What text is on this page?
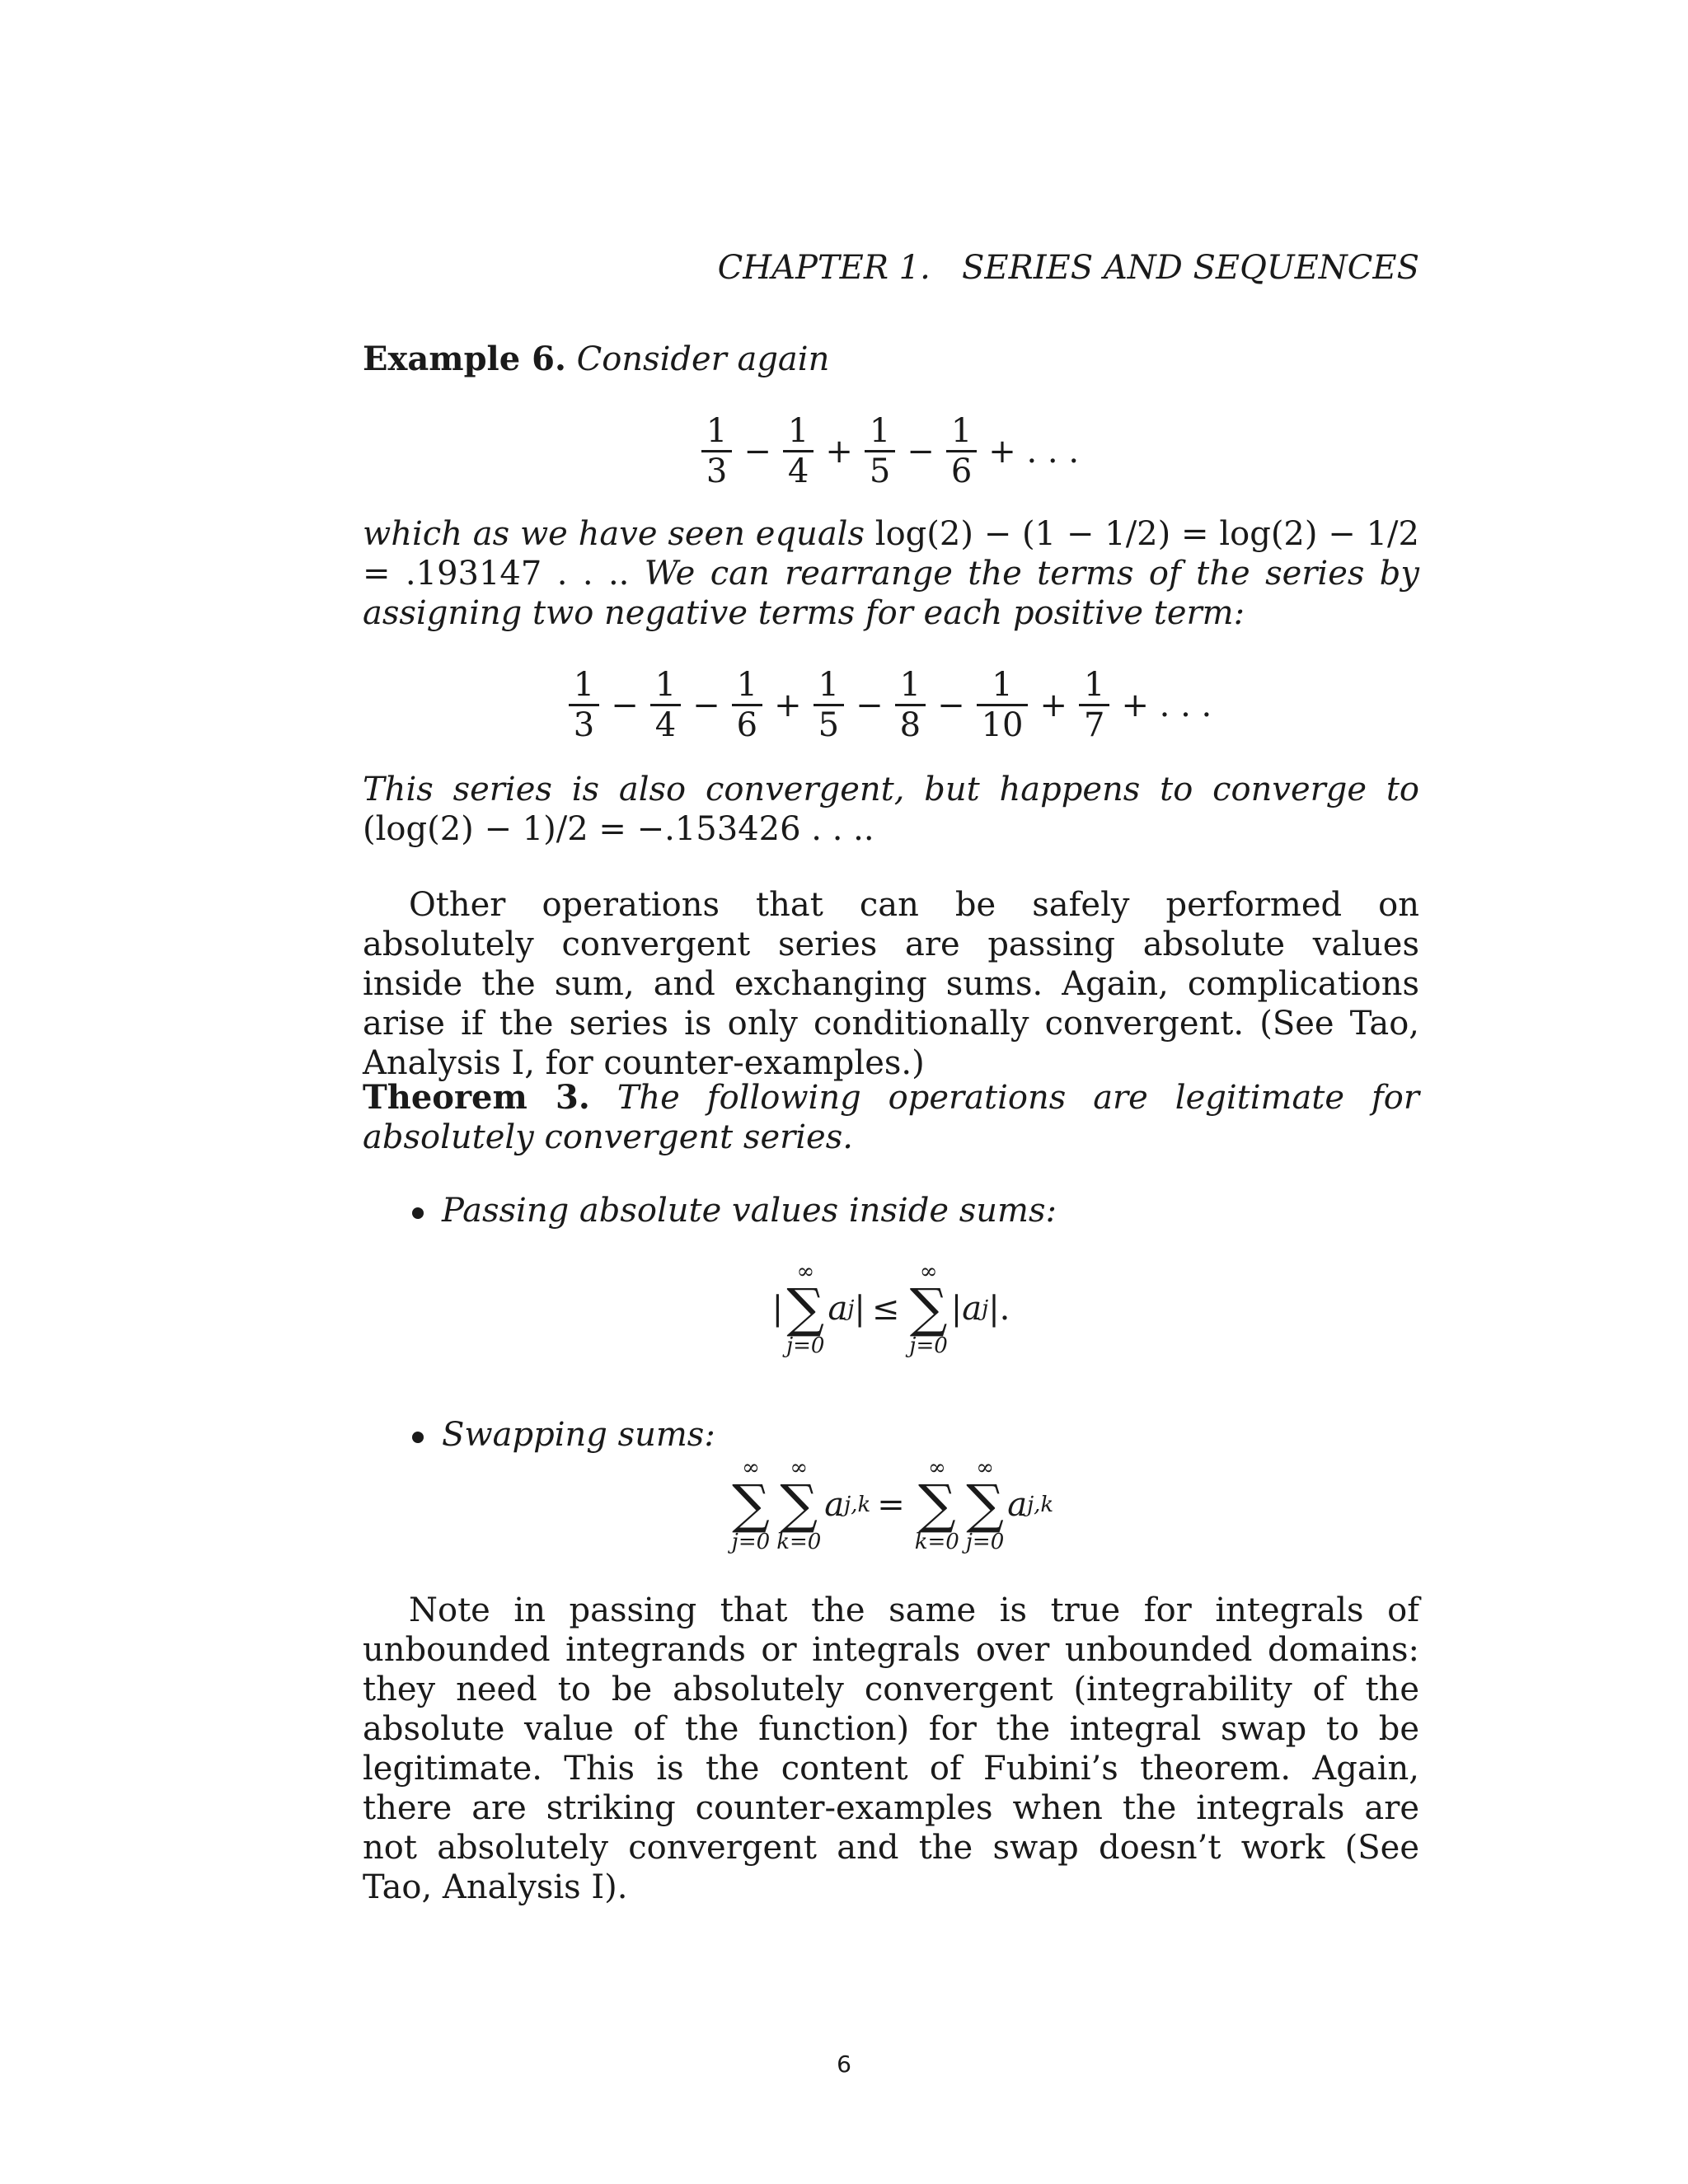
CHAPTER 1.   SERIES AND SEQUENCES
Example 6. Consider again
$\frac{1}{3} - \frac{1}{4} + \frac{1}{5} - \frac{1}{6}$ + . . .
which as we have seen equals log(2) − (1 − 1/2) = log(2) − 1/2 = .193147 . . .. We can rearrange the terms of the series by assigning two negative terms for each positive term:
$\frac{1}{3} - \frac{1}{4} - \frac{1}{6} + \frac{1}{5} - \frac{1}{8} - \frac{1}{10} + \frac{1}{7}$ + . . .
This series is also convergent, but happens to converge to (log(2) − 1)/2 = −.153426 . . ..
Other operations that can be safely performed on absolutely convergent series are passing absolute values inside the sum, and exchanging sums. Again, complications arise if the series is only conditionally convergent. (See Tao, Analysis I, for counter-examples.)
Theorem 3. The following operations are legitimate for absolutely convergent series.
Passing absolute values inside sums:
|
∞
∑
j=0
a j | ≤
∞
∑
j=0
| a j | .
Swapping sums:
∞
∑
j=0
∞
∑
k=0
a j,k =
∞
∑
k=0
∞
∑
j=0
a j,k
Note in passing that the same is true for integrals of unbounded integrands or integrals over unbounded domains: they need to be absolutely convergent (integrability of the absolute value of the function) for the integral swap to be legitimate. This is the content of Fubini’s theorem. Again, there are striking counter-examples when the integrals are not absolutely convergent and the swap doesn’t work (See Tao, Analysis I).
6
